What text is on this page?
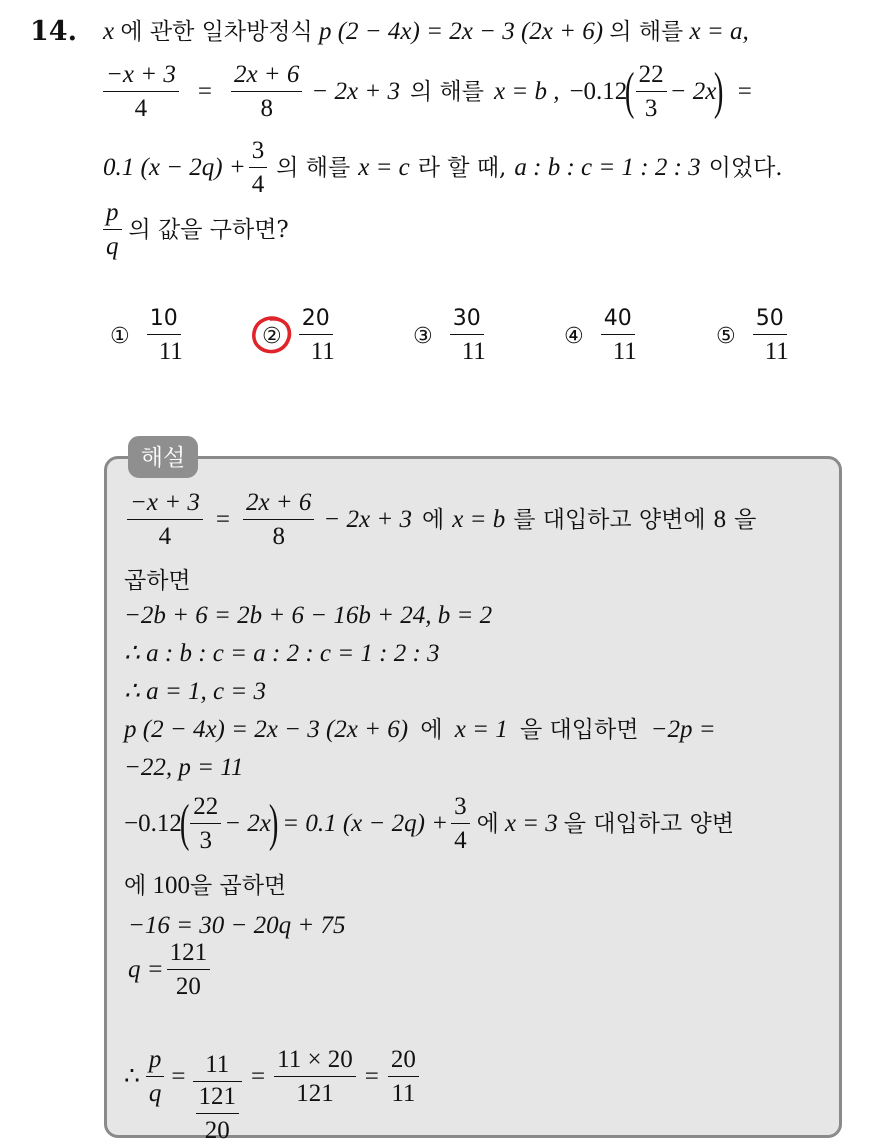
14. x 에 관한 일차방정식 p (2 − 4x) = 2x − 3 (2x + 6) 의 해를 x = a,
$\frac{-x + 3}{4} = \frac{2x + 6}{8} - 2x + 3$ 의 해를 x = b , −0.12
( $\frac{22}{3} - 2x$
) =
0.1 $(x - 2q) + \frac{3}{4}$ 의 해를 x = c 라 할 때, a : b : c = 1 : 2 : 3 이었다.
$\frac{p}{q}$ 의 값을 구하면?
① $\frac{10}{11}$	② $\frac{20}{11}$	③ $\frac{30}{11}$	④ $\frac{40}{11}$	⑤ $\frac{50}{11}$
해설
$\frac{-x + 3}{4} = \frac{2x + 6}{8} - 2x + 3$ 에 x = b 를 대입하고 양변에 8 을
곱하면
−2b + 6 = 2b + 6 − 16b + 24, b = 2
∴ a : b : c = a : 2 : c = 1 : 2 : 3
∴ a = 1, c = 3
p (2 − 4x) = 2x − 3 (2x + 6) 에 x = 1 을 대입하면 −2p =
−22, p = 11
−0.12
( $\frac{22}{3} - 2x$
) = 0.1 $(x - 2q) + \frac{3}{4}$ 에 x = 3 을 대입하고 양변
에 100을 곱하면
−16 = 30 − 20q + 75
$q = \frac{121}{20}$
∴ $\frac{p}{q} = \frac{11}{\frac{121}{20}} = \frac{11 \times 20}{121} = \frac{20}{11}$
